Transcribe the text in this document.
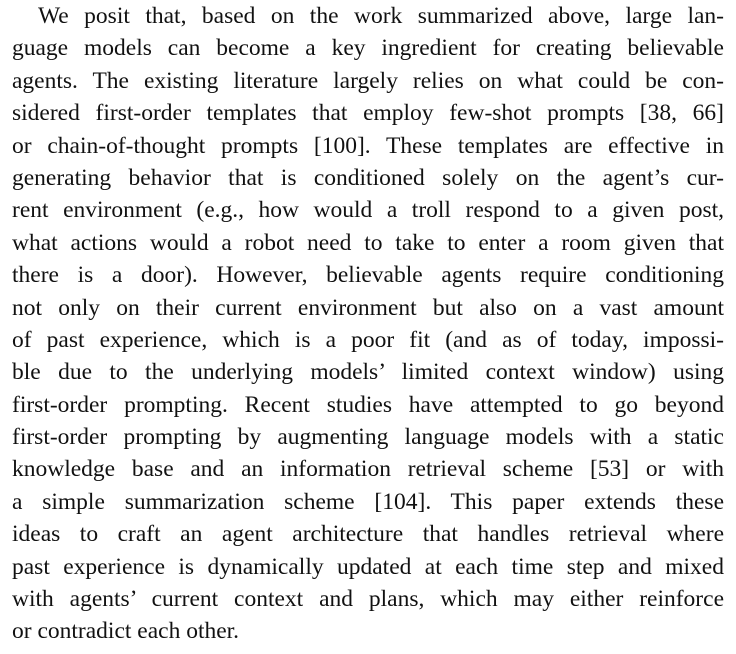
We posit that, based on the work summarized above, large lan-
guage models can become a key ingredient for creating believable
agents. The existing literature largely relies on what could be con-
sidered first-order templates that employ few-shot prompts [38, 66]
or chain-of-thought prompts [100]. These templates are effective in
generating behavior that is conditioned solely on the agent’s cur-
rent environment (e.g., how would a troll respond to a given post,
what actions would a robot need to take to enter a room given that
there is a door). However, believable agents require conditioning
not only on their current environment but also on a vast amount
of past experience, which is a poor fit (and as of today, impossi-
ble due to the underlying models’ limited context window) using
first-order prompting. Recent studies have attempted to go beyond
first-order prompting by augmenting language models with a static
knowledge base and an information retrieval scheme [53] or with
a simple summarization scheme [104]. This paper extends these
ideas to craft an agent architecture that handles retrieval where
past experience is dynamically updated at each time step and mixed
with agents’ current context and plans, which may either reinforce
or contradict each other.
